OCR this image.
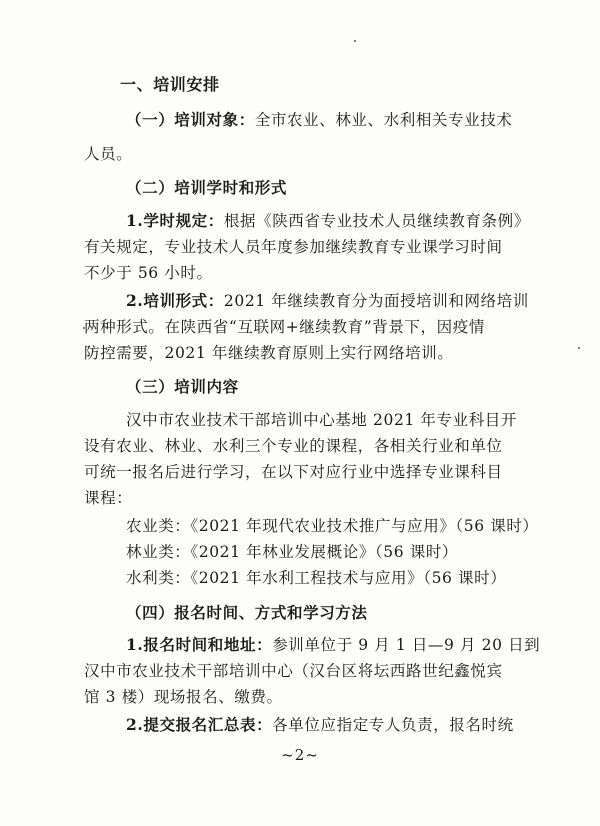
一、培训安排
（一）培训对象：全市农业、林业、水利相关专业技术
人员。
（二）培训学时和形式
1.学时规定：根据《陕西省专业技术人员继续教育条例》
有关规定，专业技术人员年度参加继续教育专业课学习时间
不少于 56 小时。
2.培训形式：2021 年继续教育分为面授培训和网络培训
两种形式。在陕西省“互联网+继续教育”背景下，因疫情
防控需要，2021 年继续教育原则上实行网络培训。
（三）培训内容
汉中市农业技术干部培训中心基地 2021 年专业科目开
设有农业、林业、水利三个专业的课程，各相关行业和单位
可统一报名后进行学习，在以下对应行业中选择专业课科目
课程：
农业类：《2021 年现代农业技术推广与应用》（56 课时）
林业类：《2021 年林业发展概论》（56 课时）
水利类：《2021 年水利工程技术与应用》（56 课时）
（四）报名时间、方式和学习方法
1.报名时间和地址：参训单位于 9 月 1 日—9 月 20 日到
汉中市农业技术干部培训中心（汉台区将坛西路世纪鑫悦宾
馆 3 楼）现场报名、缴费。
2.提交报名汇总表：各单位应指定专人负责，报名时统
~2~
